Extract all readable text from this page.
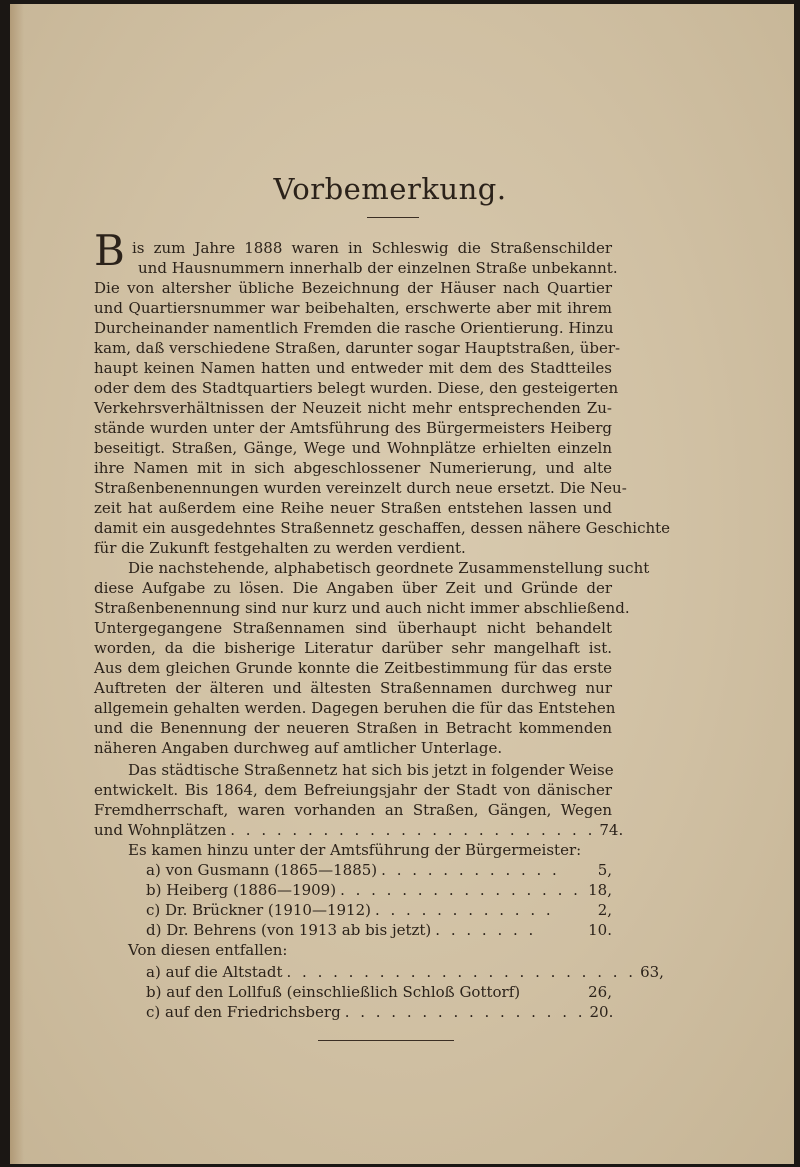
Vorbemerkung.
B is zum Jahre 1888 waren in Schleswig die Straßenschilder
und Hausnummern innerhalb der einzelnen Straße unbekannt.
Die von altersher übliche Bezeichnung der Häuser nach Quartier
und Quartiersnummer war beibehalten, erschwerte aber mit ihrem
Durcheinander namentlich Fremden die rasche Orientierung. Hinzu
kam, daß verschiedene Straßen, darunter sogar Hauptstraßen, über-
haupt keinen Namen hatten und entweder mit dem des Stadtteiles
oder dem des Stadtquartiers belegt wurden. Diese, den gesteigerten
Verkehrsverhältnissen der Neuzeit nicht mehr entsprechenden Zu-
stände wurden unter der Amtsführung des Bürgermeisters Heiberg
beseitigt. Straßen, Gänge, Wege und Wohnplätze erhielten einzeln
ihre Namen mit in sich abgeschlossener Numerierung, und alte
Straßenbenennungen wurden vereinzelt durch neue ersetzt. Die Neu-
zeit hat außerdem eine Reihe neuer Straßen entstehen lassen und
damit ein ausgedehntes Straßennetz geschaffen, dessen nähere Geschichte
für die Zukunft festgehalten zu werden verdient.
Die nachstehende, alphabetisch geordnete Zusammenstellung sucht
diese Aufgabe zu lösen. Die Angaben über Zeit und Gründe der
Straßenbenennung sind nur kurz und auch nicht immer abschließend.
Untergegangene Straßennamen sind überhaupt nicht behandelt
worden, da die bisherige Literatur darüber sehr mangelhaft ist.
Aus dem gleichen Grunde konnte die Zeitbestimmung für das erste
Auftreten der älteren und ältesten Straßennamen durchweg nur
allgemein gehalten werden. Dagegen beruhen die für das Entstehen
und die Benennung der neueren Straßen in Betracht kommenden
näheren Angaben durchweg auf amtlicher Unterlage.
Das städtische Straßennetz hat sich bis jetzt in folgender Weise
entwickelt. Bis 1864, dem Befreiungsjahr der Stadt von dänischer
Fremdherrschaft, waren vorhanden an Straßen, Gängen, Wegen
und Wohnplätzen . . . . . . . . . . . . . . . . . . . . . . . . 74.
Es kamen hinzu unter der Amtsführung der Bürgermeister:
a) von Gusmann (1865—1885) . . . . . . . . . . . .	5,
b) Heiberg (1886—1909) . . . . . . . . . . . . . . . . 18,
c) Dr. Brückner (1910—1912) . . . . . . . . . . . .	2,
d) Dr. Behrens (von 1913 ab bis jetzt) . . . . . . .	10.
Von diesen entfallen:
a) auf die Altstadt . . . . . . . . . . . . . . . . . . . . . . . 63,
b) auf den Lollfuß (einschließlich Schloß Gottorf)	26,
c) auf den Friedrichsberg . . . . . . . . . . . . . . . . 20.
